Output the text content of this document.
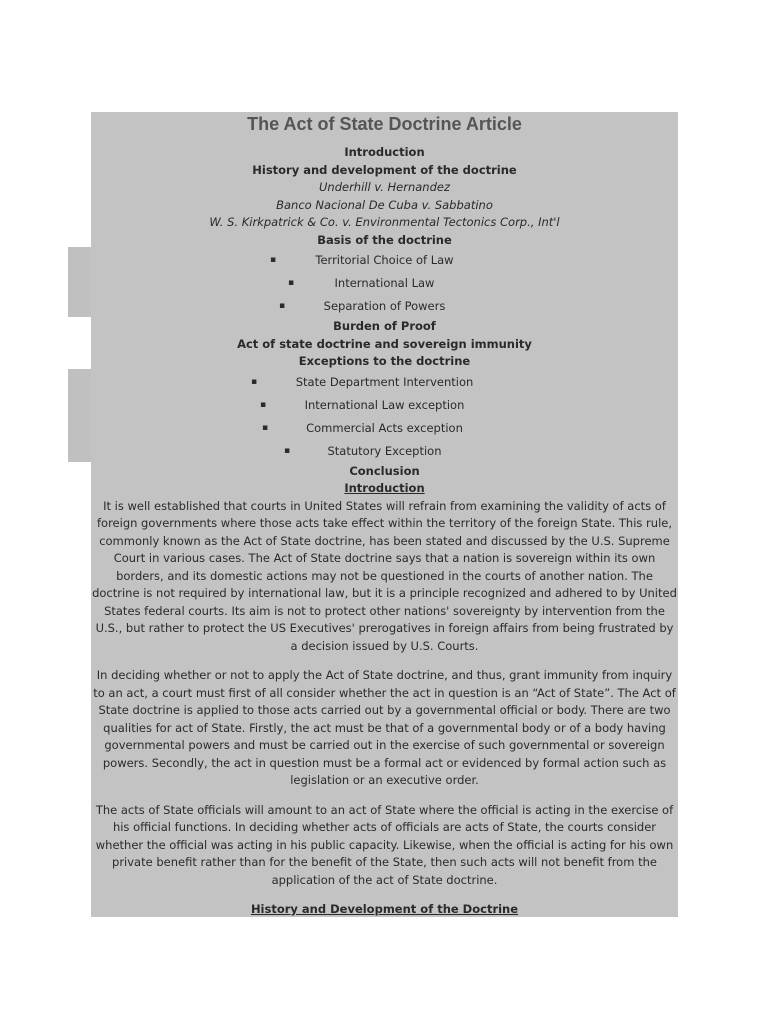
The Act of State Doctrine Article

Introduction

History and development of the doctrine

Underhill v. Hernandez

Banco Nacional De Cuba v. Sabbatino

W. S. Kirkpatrick & Co. v. Environmental Tectonics Corp., Int'l

Basis of the doctrine

▪	Territorial Choice of Law
▪	International Law
▪	Separation of Powers

Burden of Proof

Act of state doctrine and sovereign immunity

Exceptions to the doctrine

▪	State Department Intervention
▪	International Law exception
▪	Commercial Acts exception
▪	Statutory Exception

Conclusion

Introduction

It is well established that courts in United States will refrain from examining the validity of acts of foreign governments where those acts take effect within the territory of the foreign State. This rule, commonly known as the Act of State doctrine, has been stated and discussed by the U.S. Supreme Court in various cases. The Act of State doctrine says that a nation is sovereign within its own borders, and its domestic actions may not be questioned in the courts of another nation. The doctrine is not required by international law, but it is a principle recognized and adhered to by United States federal courts. Its aim is not to protect other nations' sovereignty by intervention from the U.S., but rather to protect the US Executives' prerogatives in foreign affairs from being frustrated by a decision issued by U.S. Courts.

In deciding whether or not to apply the Act of State doctrine, and thus, grant immunity from inquiry to an act, a court must first of all consider whether the act in question is an “Act of State”. The Act of State doctrine is applied to those acts carried out by a governmental official or body. There are two qualities for act of State. Firstly, the act must be that of a governmental body or of a body having governmental powers and must be carried out in the exercise of such governmental or sovereign powers. Secondly, the act in question must be a formal act or evidenced by formal action such as legislation or an executive order.

The acts of State officials will amount to an act of State where the official is acting in the exercise of his official functions. In deciding whether acts of officials are acts of State, the courts consider whether the official was acting in his public capacity. Likewise, when the official is acting for his own private benefit rather than for the benefit of the State, then such acts will not benefit from the application of the act of State doctrine.

History and Development of the Doctrine
